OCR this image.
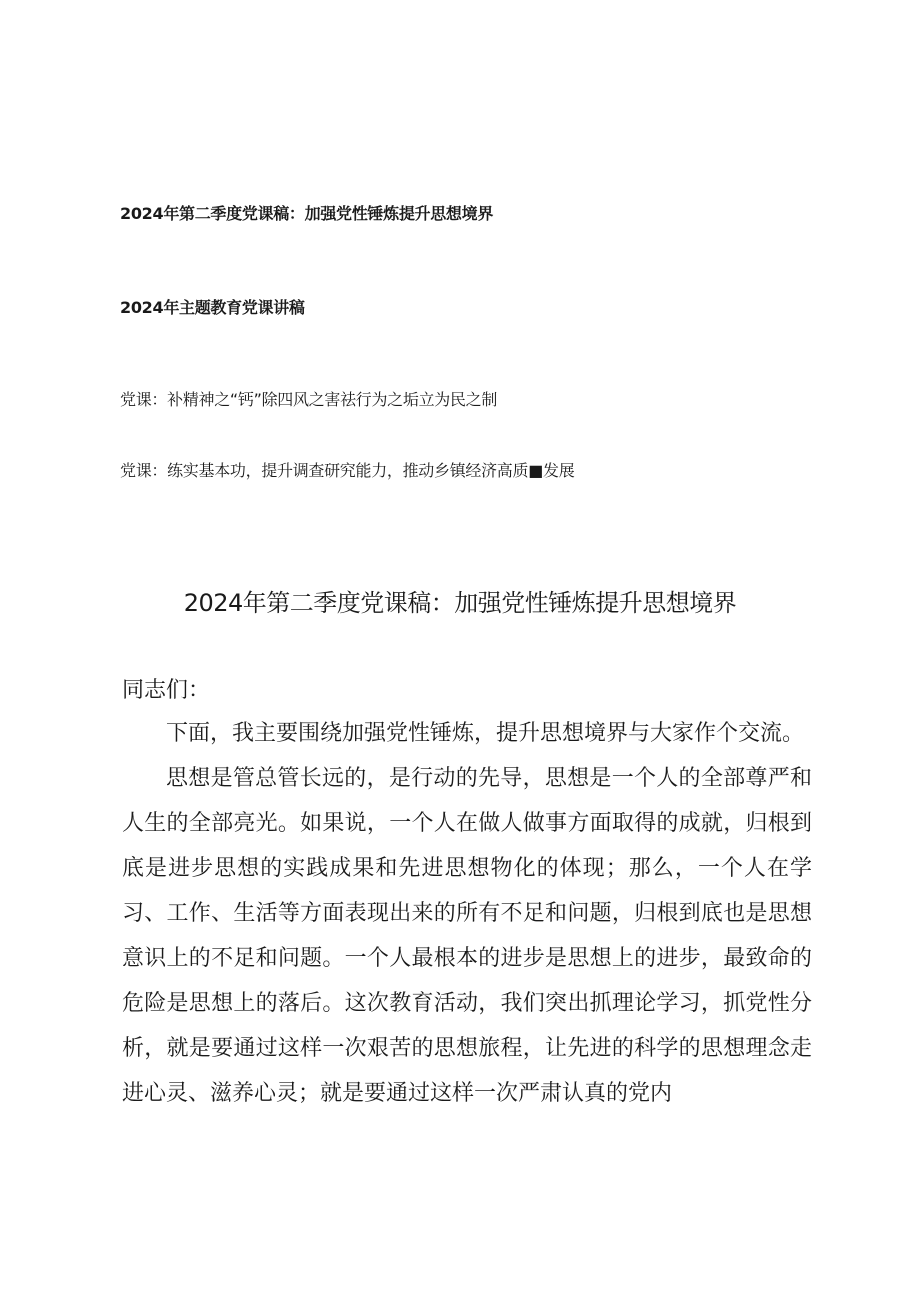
2024年第二季度党课稿：加强党性锤炼提升思想境界
2024年主题教育党课讲稿
党课：补精神之“钙”除四风之害祛行为之垢立为民之制
党课：练实基本功，提升调查研究能力，推动乡镇经济高质■发展
2024年第二季度党课稿：加强党性锤炼提升思想境界
同志们：

下面，我主要围绕加强党性锤炼，提升思想境界与大家作个交流。

思想是管总管长远的，是行动的先导，思想是一个人的全部尊严和人生的全部亮光。如果说，一个人在做人做事方面取得的成就，归根到底是进步思想的实践成果和先进思想物化的体现；那么，一个人在学习、工作、生活等方面表现出来的所有不足和问题，归根到底也是思想意识上的不足和问题。一个人最根本的进步是思想上的进步，最致命的危险是思想上的落后。这次教育活动，我们突出抓理论学习，抓党性分析，就是要通过这样一次艰苦的思想旅程，让先进的科学的思想理念走进心灵、滋养心灵；就是要通过这样一次严肃认真的党内
